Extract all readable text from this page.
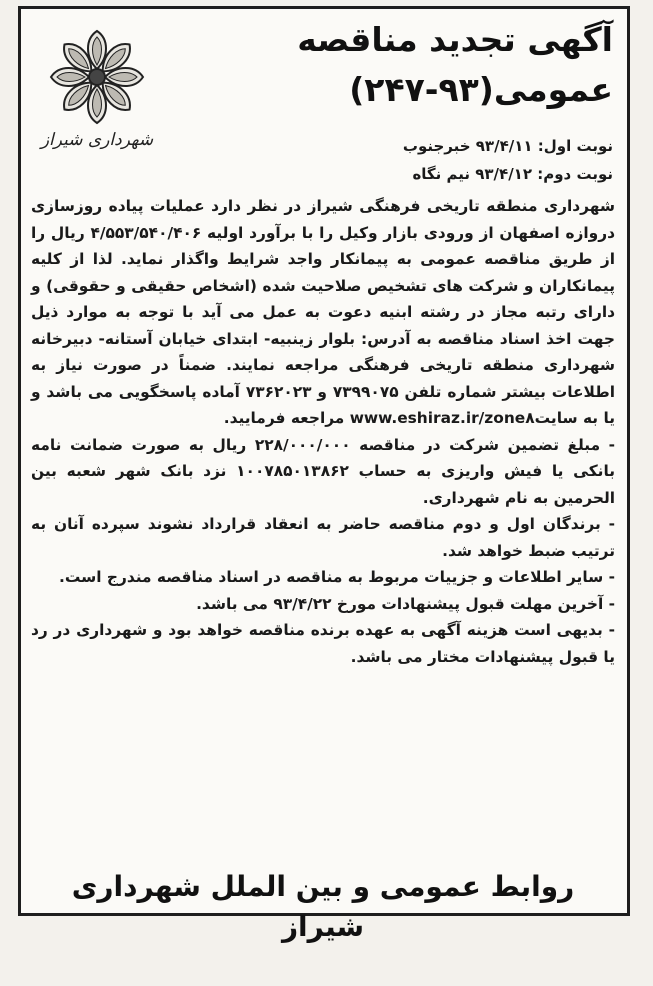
شهرداری شیراز
آگهی تجدید مناقصه
عمومی(۹۳-۲۴۷)
نوبت اول: ۹۳/۴/۱۱ خبرجنوب
نوبت دوم: ۹۳/۴/۱۲ نیم نگاه

شهرداری منطقه تاریخی فرهنگی شیراز در نظر دارد عملیات پیاده روزسازی دروازه اصفهان از ورودی بازار وکیل را با برآورد اولیه ۴/۵۵۳/۵۴۰/۴۰۶ ریال را از طریق مناقصه عمومی به پیمانکار واجد شرایط واگذار نماید. لذا از کلیه پیمانکاران و شرکت های تشخیص صلاحیت شده (اشخاص حقیقی و حقوقی) و دارای رتبه مجاز در رشته ابنیه دعوت به عمل می آید با توجه به موارد ذیل جهت اخذ اسناد مناقصه به آدرس: بلوار زینبیه- ابتدای خیابان آستانه- دبیرخانه شهرداری منطقه تاریخی فرهنگی مراجعه نمایند. ضمناً در صورت نیاز به اطلاعات بیشتر شماره تلفن ۷۳۹۹۰۷۵ و ۷۳۶۲۰۲۳ آماده پاسخگویی می باشد و یا به سایتwww.eshiraz.ir/zone۸ مراجعه فرمایید.

- مبلغ تضمین شرکت در مناقصه ۲۲۸/۰۰۰/۰۰۰ ریال به صورت ضمانت نامه بانکی یا فیش واریزی به حساب ۱۰۰۷۸۵۰۱۳۸۶۲ نزد بانک شهر شعبه بین الحرمین به نام شهرداری.

- برندگان اول و دوم مناقصه حاضر به انعقاد قرارداد نشوند سپرده آنان به ترتیب ضبط خواهد شد.

- سایر اطلاعات و جزییات مربوط به مناقصه در اسناد مناقصه مندرج است.

- آخرین مهلت قبول پیشنهادات مورخ ۹۳/۴/۲۲ می باشد.

- بدیهی است هزینه آگهی به عهده برنده مناقصه خواهد بود و شهرداری در رد یا قبول پیشنهادات مختار می باشد.

روابط عمومی و بین الملل شهرداری شیراز
